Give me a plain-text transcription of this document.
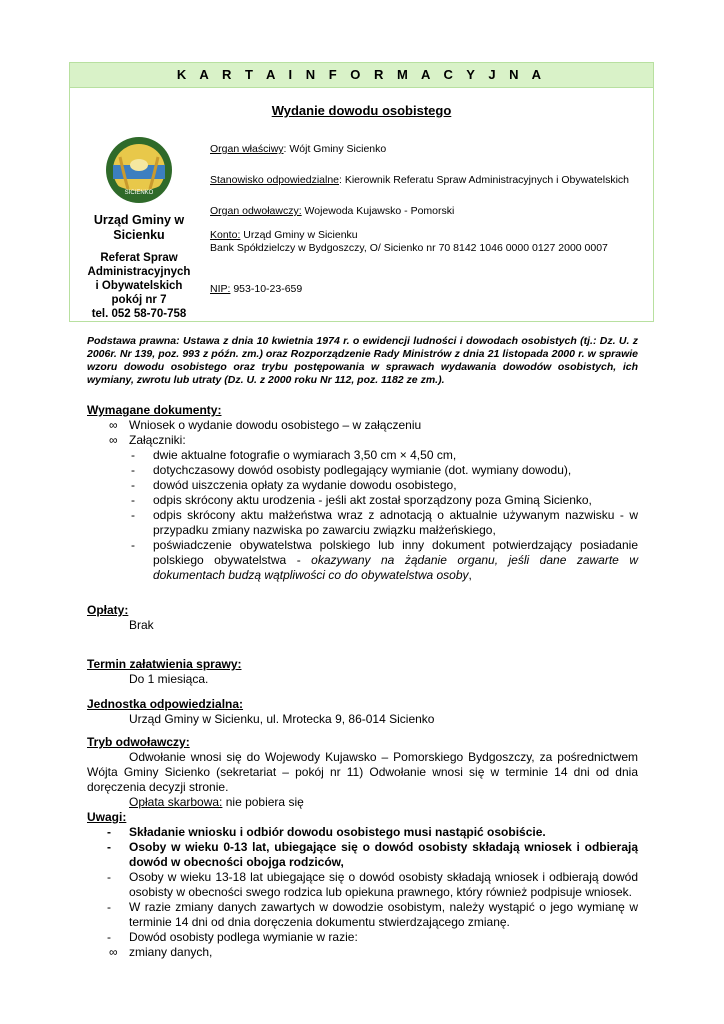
K A R T A I N F O R M A C Y J N A
Wydanie dowodu osobistego
SICIENKO
Urząd Gminy w Sicienku
Referat Spraw
Administracyjnych
i Obywatelskich
pokój nr 7
tel. 052 58-70-758
Organ właściwy: Wójt Gminy Sicienko
Stanowisko odpowiedzialne: Kierownik Referatu Spraw Administracyjnych i Obywatelskich
Organ odwoławczy: Wojewoda Kujawsko - Pomorski
Konto: Urząd Gminy w Sicienku
Bank Spółdzielczy w Bydgoszczy, O/ Sicienko nr 70 8142 1046 0000 0127 2000 0007
NIP: 953-10-23-659
Podstawa prawna: Ustawa z dnia 10 kwietnia 1974 r. o ewidencji ludności i dowodach osobistych (tj.: Dz. U. z 2006r. Nr 139, poz. 993 z późn. zm.) oraz Rozporządzenie Rady Ministrów z dnia 21 listopada 2000 r. w sprawie wzoru dowodu osobistego oraz trybu postępowania w sprawach wydawania dowodów osobistych, ich wymiany, zwrotu lub utraty (Dz. U. z 2000 roku Nr 112, poz. 1182 ze zm.).
Wymagane dokumenty:
∞ Wniosek o wydanie dowodu osobistego – w załączeniu
∞ Załączniki:
- dwie aktualne fotografie o wymiarach 3,50 cm × 4,50 cm,
- dotychczasowy dowód osobisty podlegający wymianie (dot. wymiany dowodu),
- dowód uiszczenia opłaty za wydanie dowodu osobistego,
- odpis skrócony aktu urodzenia - jeśli akt został sporządzony poza Gminą Sicienko,
- odpis skrócony aktu małżeństwa wraz z adnotacją o aktualnie używanym nazwisku - w przypadku zmiany nazwiska po zawarciu związku małżeńskiego,
- poświadczenie obywatelstwa polskiego lub inny dokument potwierdzający posiadanie polskiego obywatelstwa - okazywany na żądanie organu, jeśli dane zawarte w dokumentach budzą wątpliwości co do obywatelstwa osoby,
Opłaty:
Brak
Termin załatwienia sprawy:
Do 1 miesiąca.
Jednostka odpowiedzialna:
Urząd Gminy w Sicienku, ul. Mrotecka 9, 86-014 Sicienko
Tryb odwoławczy:
Odwołanie wnosi się do Wojewody Kujawsko – Pomorskiego Bydgoszczy, za pośrednictwem Wójta Gminy Sicienko (sekretariat – pokój nr 11) Odwołanie wnosi się w terminie 14 dni od dnia doręczenia decyzji stronie.
Opłata skarbowa: nie pobiera się
Uwagi:
- Składanie wniosku i odbiór dowodu osobistego musi nastąpić osobiście.
- Osoby w wieku 0-13 lat, ubiegające się o dowód osobisty składają wniosek i odbierają dowód w obecności obojga rodziców,
- Osoby w wieku 13-18 lat ubiegające się o dowód osobisty składają wniosek i odbierają dowód osobisty w obecności swego rodzica lub opiekuna prawnego, który również podpisuje wniosek.
- W razie zmiany danych zawartych w dowodzie osobistym, należy wystąpić o jego wymianę w terminie 14 dni od dnia doręczenia dokumentu stwierdzającego zmianę.
- Dowód osobisty podlega wymianie w razie:
∞ zmiany danych,
